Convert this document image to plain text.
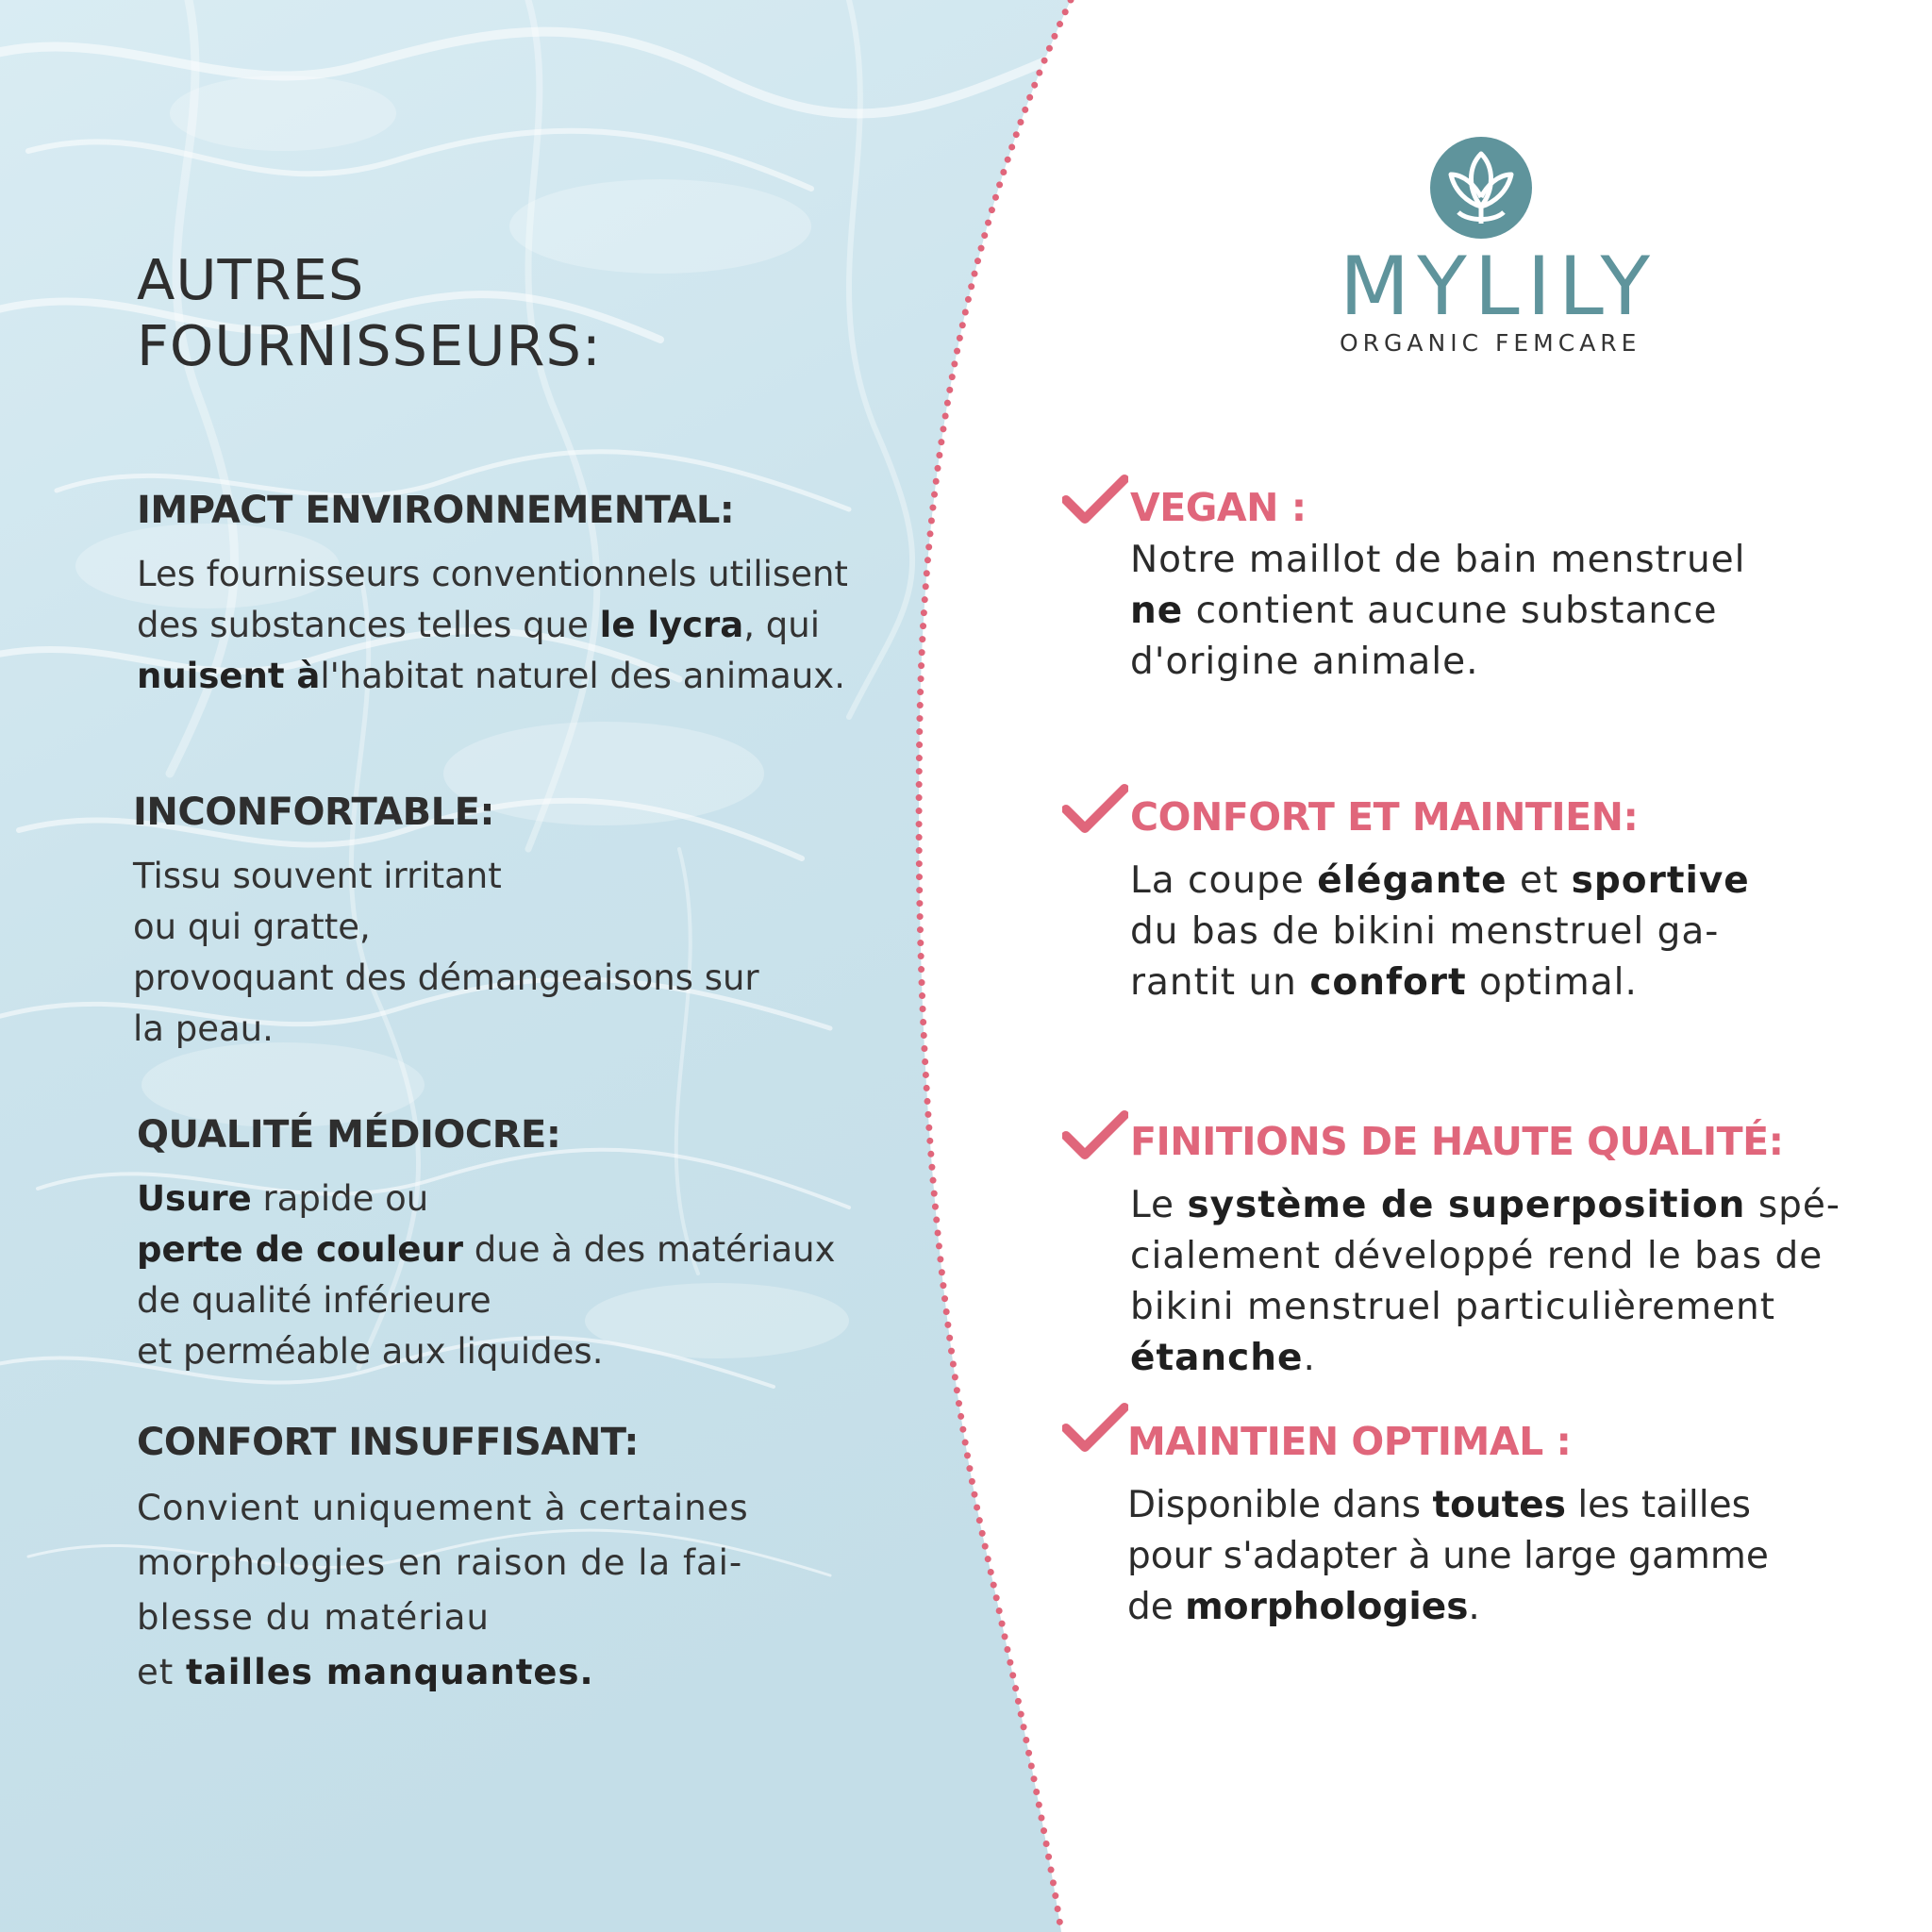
AUTRES
FOURNISSEURS:
IMPACT ENVIRONNEMENTAL:
Les fournisseurs conventionnels utilisent
des substances telles que le lycra, qui
nuisent àl'habitat naturel des animaux.
INCONFORTABLE:
Tissu souvent irritant
ou qui gratte,
provoquant des démangeaisons sur
la peau.
QUALITÉ MÉDIOCRE:
Usure rapide ou
perte de couleur due à des matériaux
de qualité inférieure
et perméable aux liquides.
CONFORT INSUFFISANT:
Convient uniquement à certaines
morphologies en raison de la fai-
blesse du matériau
et tailles manquantes.
MYLILY
ORGANIC FEMCARE
VEGAN :
Notre maillot de bain menstruel
ne contient aucune substance
d'origine animale.
CONFORT ET MAINTIEN:
La coupe élégante et sportive
du bas de bikini menstruel ga-
rantit un confort optimal.
FINITIONS DE HAUTE QUALITÉ:
Le système de superposition spé-
cialement développé rend le bas de
bikini menstruel particulièrement
étanche.
MAINTIEN OPTIMAL :
Disponible dans toutes les tailles
pour s'adapter à une large gamme
de morphologies.
